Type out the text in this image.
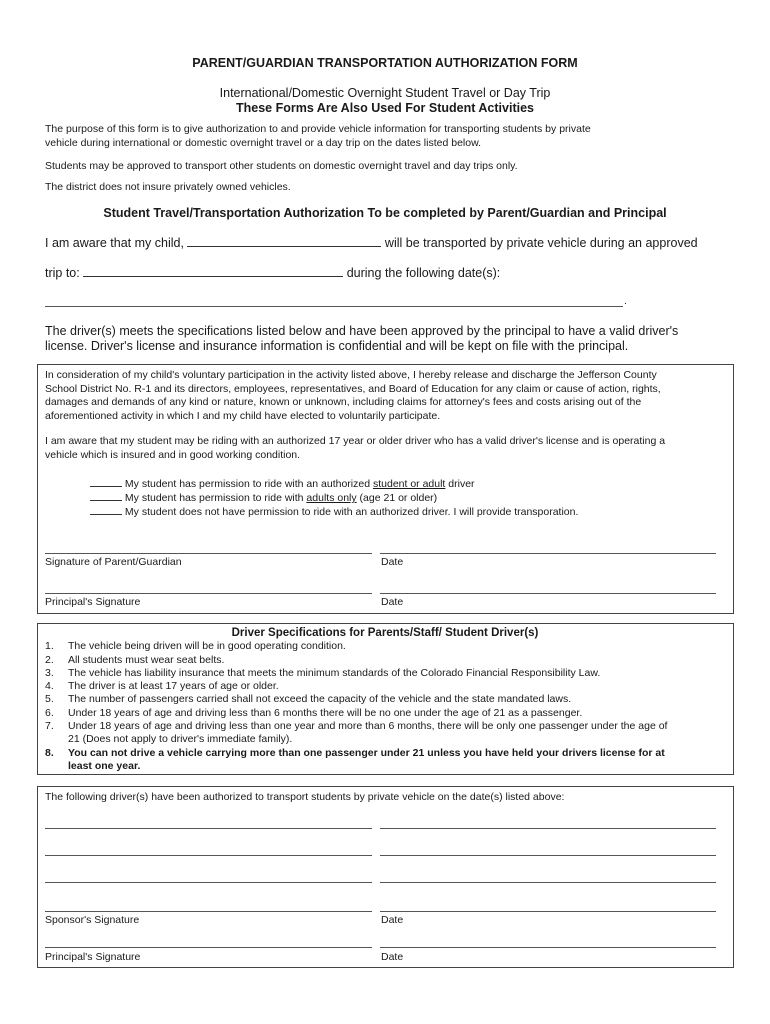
PARENT/GUARDIAN TRANSPORTATION AUTHORIZATION FORM
International/Domestic Overnight Student Travel or Day Trip
These Forms Are Also Used For Student Activities
The purpose of this form is to give authorization to and provide vehicle information for transporting students by private
vehicle during international or domestic overnight travel or a day trip on the dates listed below.
Students may be approved to transport other students on domestic overnight travel and day trips only.
The district does not insure privately owned vehicles.
Student Travel/Transportation Authorization To be completed by Parent/Guardian and Principal
I am aware that my child,	will be transported by private vehicle during an approved
trip to:	during the following date(s):
.
The driver(s) meets the specifications listed below and have been approved by the principal to have a valid driver's
license. Driver's license and insurance information is confidential and will be kept on file with the principal.
In consideration of my child's voluntary participation in the activity listed above, I hereby release and discharge the Jefferson County
School District No. R-1 and its directors, employees, representatives, and Board of Education for any claim or cause of action, rights,
damages and demands of any kind or nature, known or unknown, including claims for attorney's fees and costs arising out of the
aforementioned activity in which I and my child have elected to voluntarily participate.
I am aware that my student may be riding with an authorized 17 year or older driver who has a valid driver's license and is operating a
vehicle which is insured and in good working condition.
My student has permission to ride with an authorized student or adult driver
My student has permission to ride with adults only (age 21 or older)
My student does not have permission to ride with an authorized driver. I will provide transporation.
Signature of Parent/Guardian	Date
Principal's Signature	Date
Driver Specifications for Parents/Staff/ Student Driver(s)
1.	The vehicle being driven will be in good operating condition.
2.	All students must wear seat belts.
3.	The vehicle has liability insurance that meets the minimum standards of the Colorado Financial Responsibility Law.
4.	The driver is at least 17 years of age or older.
5.	The number of passengers carried shall not exceed the capacity of the vehicle and the state mandated laws.
6.	Under 18 years of age and driving less than 6 months there will be no one under the age of 21 as a passenger.
7.	Under 18 years of age and driving less than one year and more than 6 months, there will be only one passenger under the age of
21 (Does not apply to driver's immediate family).
8.	You can not drive a vehicle carrying more than one passenger under 21 unless you have held your drivers license for at
least one year.
The following driver(s) have been authorized to transport students by private vehicle on the date(s) listed above:
Sponsor's Signature	Date
Principal's Signature	Date
